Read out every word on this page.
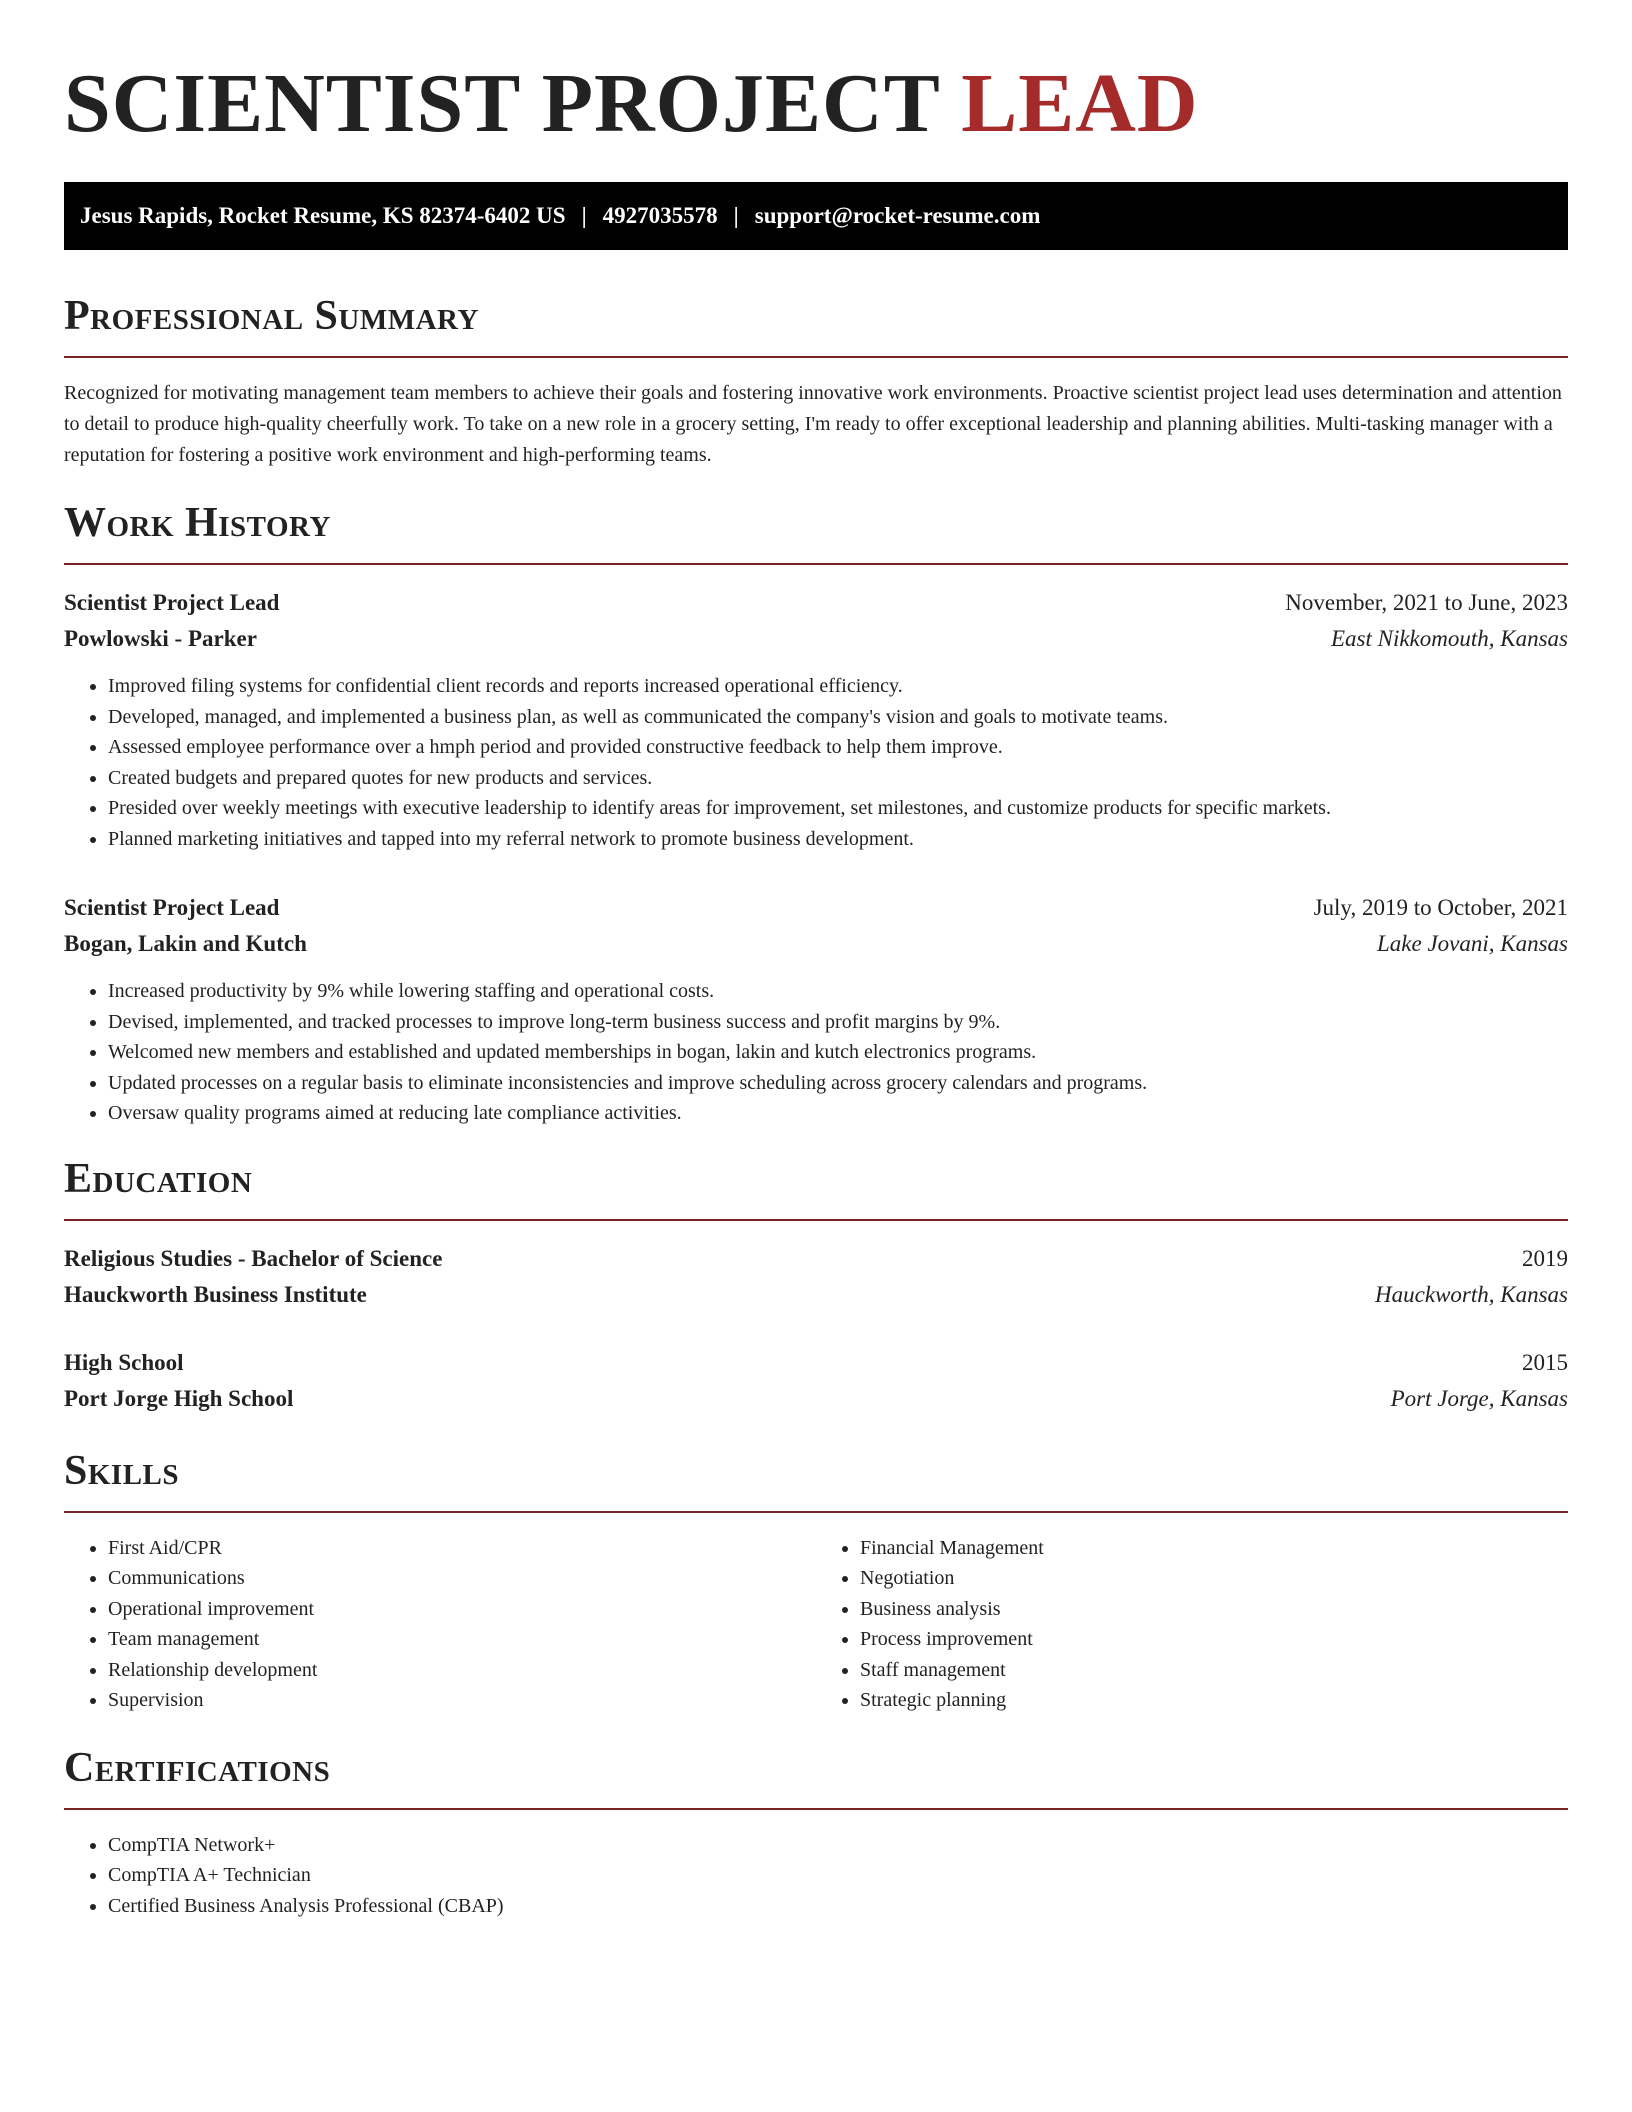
SCIENTIST PROJECT LEAD
Jesus Rapids, Rocket Resume, KS 82374-6402 US | 4927035578 | support@rocket-resume.com
Professional Summary

Recognized for motivating management team members to achieve their goals and fostering innovative work environments. Proactive scientist project lead uses determination and attention to detail to produce high-quality cheerfully work. To take on a new role in a grocery setting, I'm ready to offer exceptional leadership and planning abilities. Multi-tasking manager with a reputation for fostering a positive work environment and high-performing teams.

Work History
Scientist Project Lead	November, 2021 to June, 2023
Powlowski - Parker	East Nikkomouth, Kansas
• Improved filing systems for confidential client records and reports increased operational efficiency.
• Developed, managed, and implemented a business plan, as well as communicated the company's vision and goals to motivate teams.
• Assessed employee performance over a hmph period and provided constructive feedback to help them improve.
• Created budgets and prepared quotes for new products and services.
• Presided over weekly meetings with executive leadership to identify areas for improvement, set milestones, and customize products for specific markets.
• Planned marketing initiatives and tapped into my referral network to promote business development.
Scientist Project Lead	July, 2019 to October, 2021
Bogan, Lakin and Kutch	Lake Jovani, Kansas
• Increased productivity by 9% while lowering staffing and operational costs.
• Devised, implemented, and tracked processes to improve long-term business success and profit margins by 9%.
• Welcomed new members and established and updated memberships in bogan, lakin and kutch electronics programs.
• Updated processes on a regular basis to eliminate inconsistencies and improve scheduling across grocery calendars and programs.
• Oversaw quality programs aimed at reducing late compliance activities.
Education
Religious Studies - Bachelor of Science	2019
Hauckworth Business Institute	Hauckworth, Kansas
High School	2015
Port Jorge High School	Port Jorge, Kansas
Skills
• First Aid/CPR
• Communications
• Operational improvement
• Team management
• Relationship development
• Supervision
• Financial Management
• Negotiation
• Business analysis
• Process improvement
• Staff management
• Strategic planning
Certifications
• CompTIA Network+
• CompTIA A+ Technician
• Certified Business Analysis Professional (CBAP)
